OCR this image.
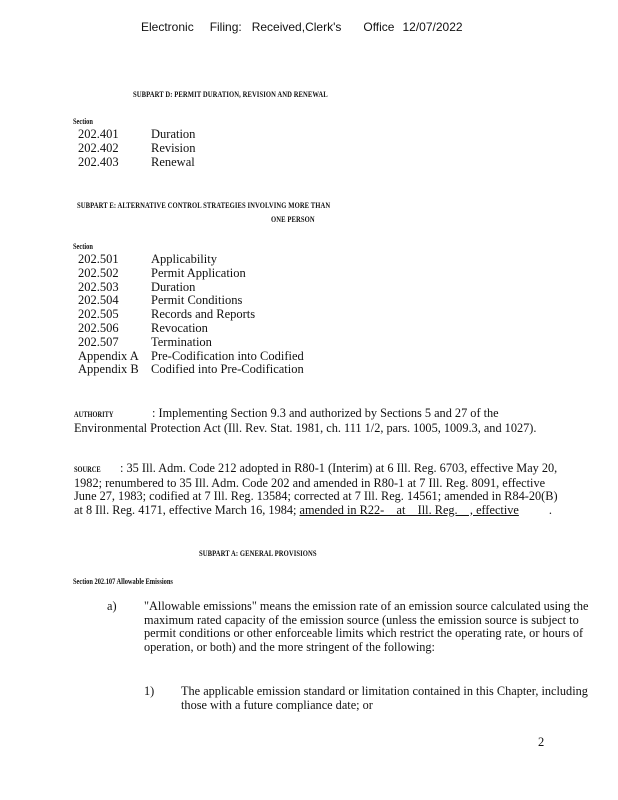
Electronic Filing: Received,Clerk's Office 12/07/2022
SUBPART D: PERMIT DURATION, REVISION AND RENEWAL
Section
202.401	Duration
202.402	Revision
202.403	Renewal
SUBPART E: ALTERNATIVE CONTROL STRATEGIES INVOLVING MORE THAN
ONE PERSON
Section
202.501	Applicability
202.502	Permit Application
202.503	Duration
202.504	Permit Conditions
202.505	Records and Reports
202.506	Revocation
202.507	Termination
Appendix A Pre-Codification into Codified
Appendix B Codified into Pre-Codification
AUTHORITY	: Implementing Section 9.3 and authorized by Sections 5 and 27 of the Environmental Protection Act (Ill. Rev. Stat. 1981, ch. 111 1/2, pars. 1005, 1009.3, and 1027).
SOURCE : 35 Ill. Adm. Code 212 adopted in R80-1 (Interim) at 6 Ill. Reg. 6703, effective May 20, 1982; renumbered to 35 Ill. Adm. Code 202 and amended in R80-1 at 7 Ill. Reg. 8091, effective June 27, 1983; codified at 7 Ill. Reg. 13584; corrected at 7 Ill. Reg. 14561; amended in R84-20(B) at 8 Ill. Reg. 4171, effective March 16, 1984; amended in R22-    at    Ill. Reg.    , effective .
SUBPART A: GENERAL PROVISIONS
Section 202.107 Allowable Emissions
a) "Allowable emissions" means the emission rate of an emission source calculated using the maximum rated capacity of the emission source (unless the emission source is subject to permit conditions or other enforceable limits which restrict the operating rate, or hours of operation, or both) and the more stringent of the following:
1) The applicable emission standard or limitation contained in this Chapter, including those with a future compliance date; or
2
